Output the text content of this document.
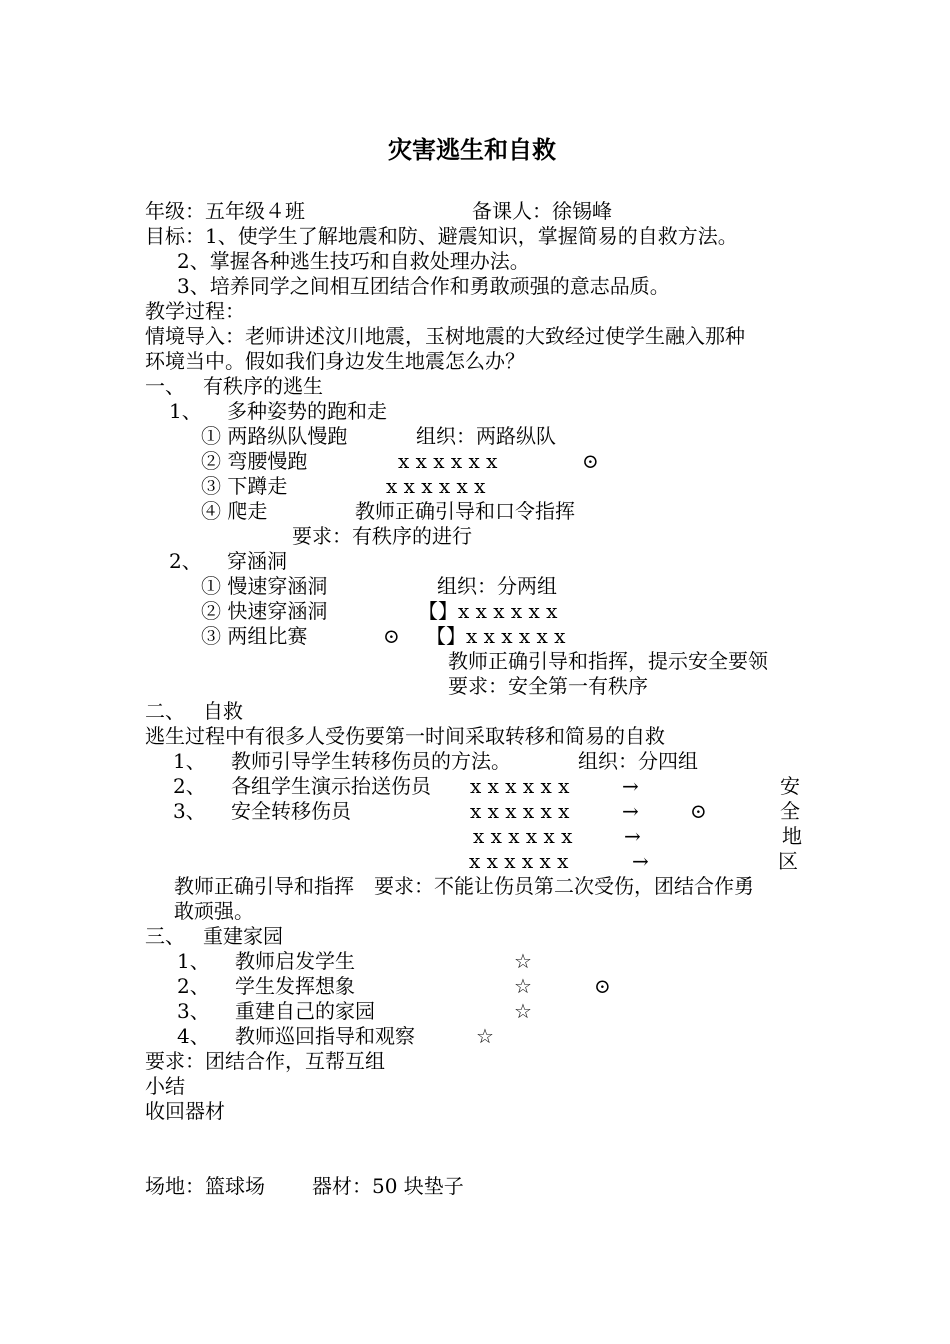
灾害逃生和自救
年级：五年级４班	备课人：徐锡峰
目标：1、使学生了解地震和防、避震知识，掌握简易的自救方法。
2、掌握各种逃生技巧和自救处理办法。
3、培养同学之间相互团结合作和勇敢顽强的意志品质。
教学过程：
情境导入：老师讲述汶川地震，玉树地震的大致经过使学生融入那种
环境当中。假如我们身边发生地震怎么办？
一、 有秩序的逃生
1、 多种姿势的跑和走
① 两路纵队慢跑	组织：两路纵队
② 弯腰慢跑	x x x x x x	⊙
③ 下蹲走	x x x x x x
④ 爬走	教师正确引导和口令指挥
要求：有秩序的进行
2、 穿涵洞
① 慢速穿涵洞	组织：分两组
② 快速穿涵洞	【】x x x x x x
③ 两组比赛	⊙ 【】x x x x x x
教师正确引导和指挥，提示安全要领
要求：安全第一有秩序
二、 自救
逃生过程中有很多人受伤要第一时间采取转移和简易的自救
1、 教师引导学生转移伤员的方法。	组织：分四组
2、 各组学生演示抬送伤员 x x x x x x	→	安
3、 安全转移伤员	x x x x x x	→	⊙	全
x x x x x x	→	地
x x x x x x	→	区
教师正确引导和指挥　要求：不能让伤员第二次受伤，团结合作勇
敢顽强。
三、 重建家园
1、 教师启发学生	☆
2、 学生发挥想象	☆	⊙
3、 重建自己的家园	☆
4、 教师巡回指导和观察	☆
要求：团结合作，互帮互组
小结
收回器材
场地：篮球场 器材：50 块垫子
